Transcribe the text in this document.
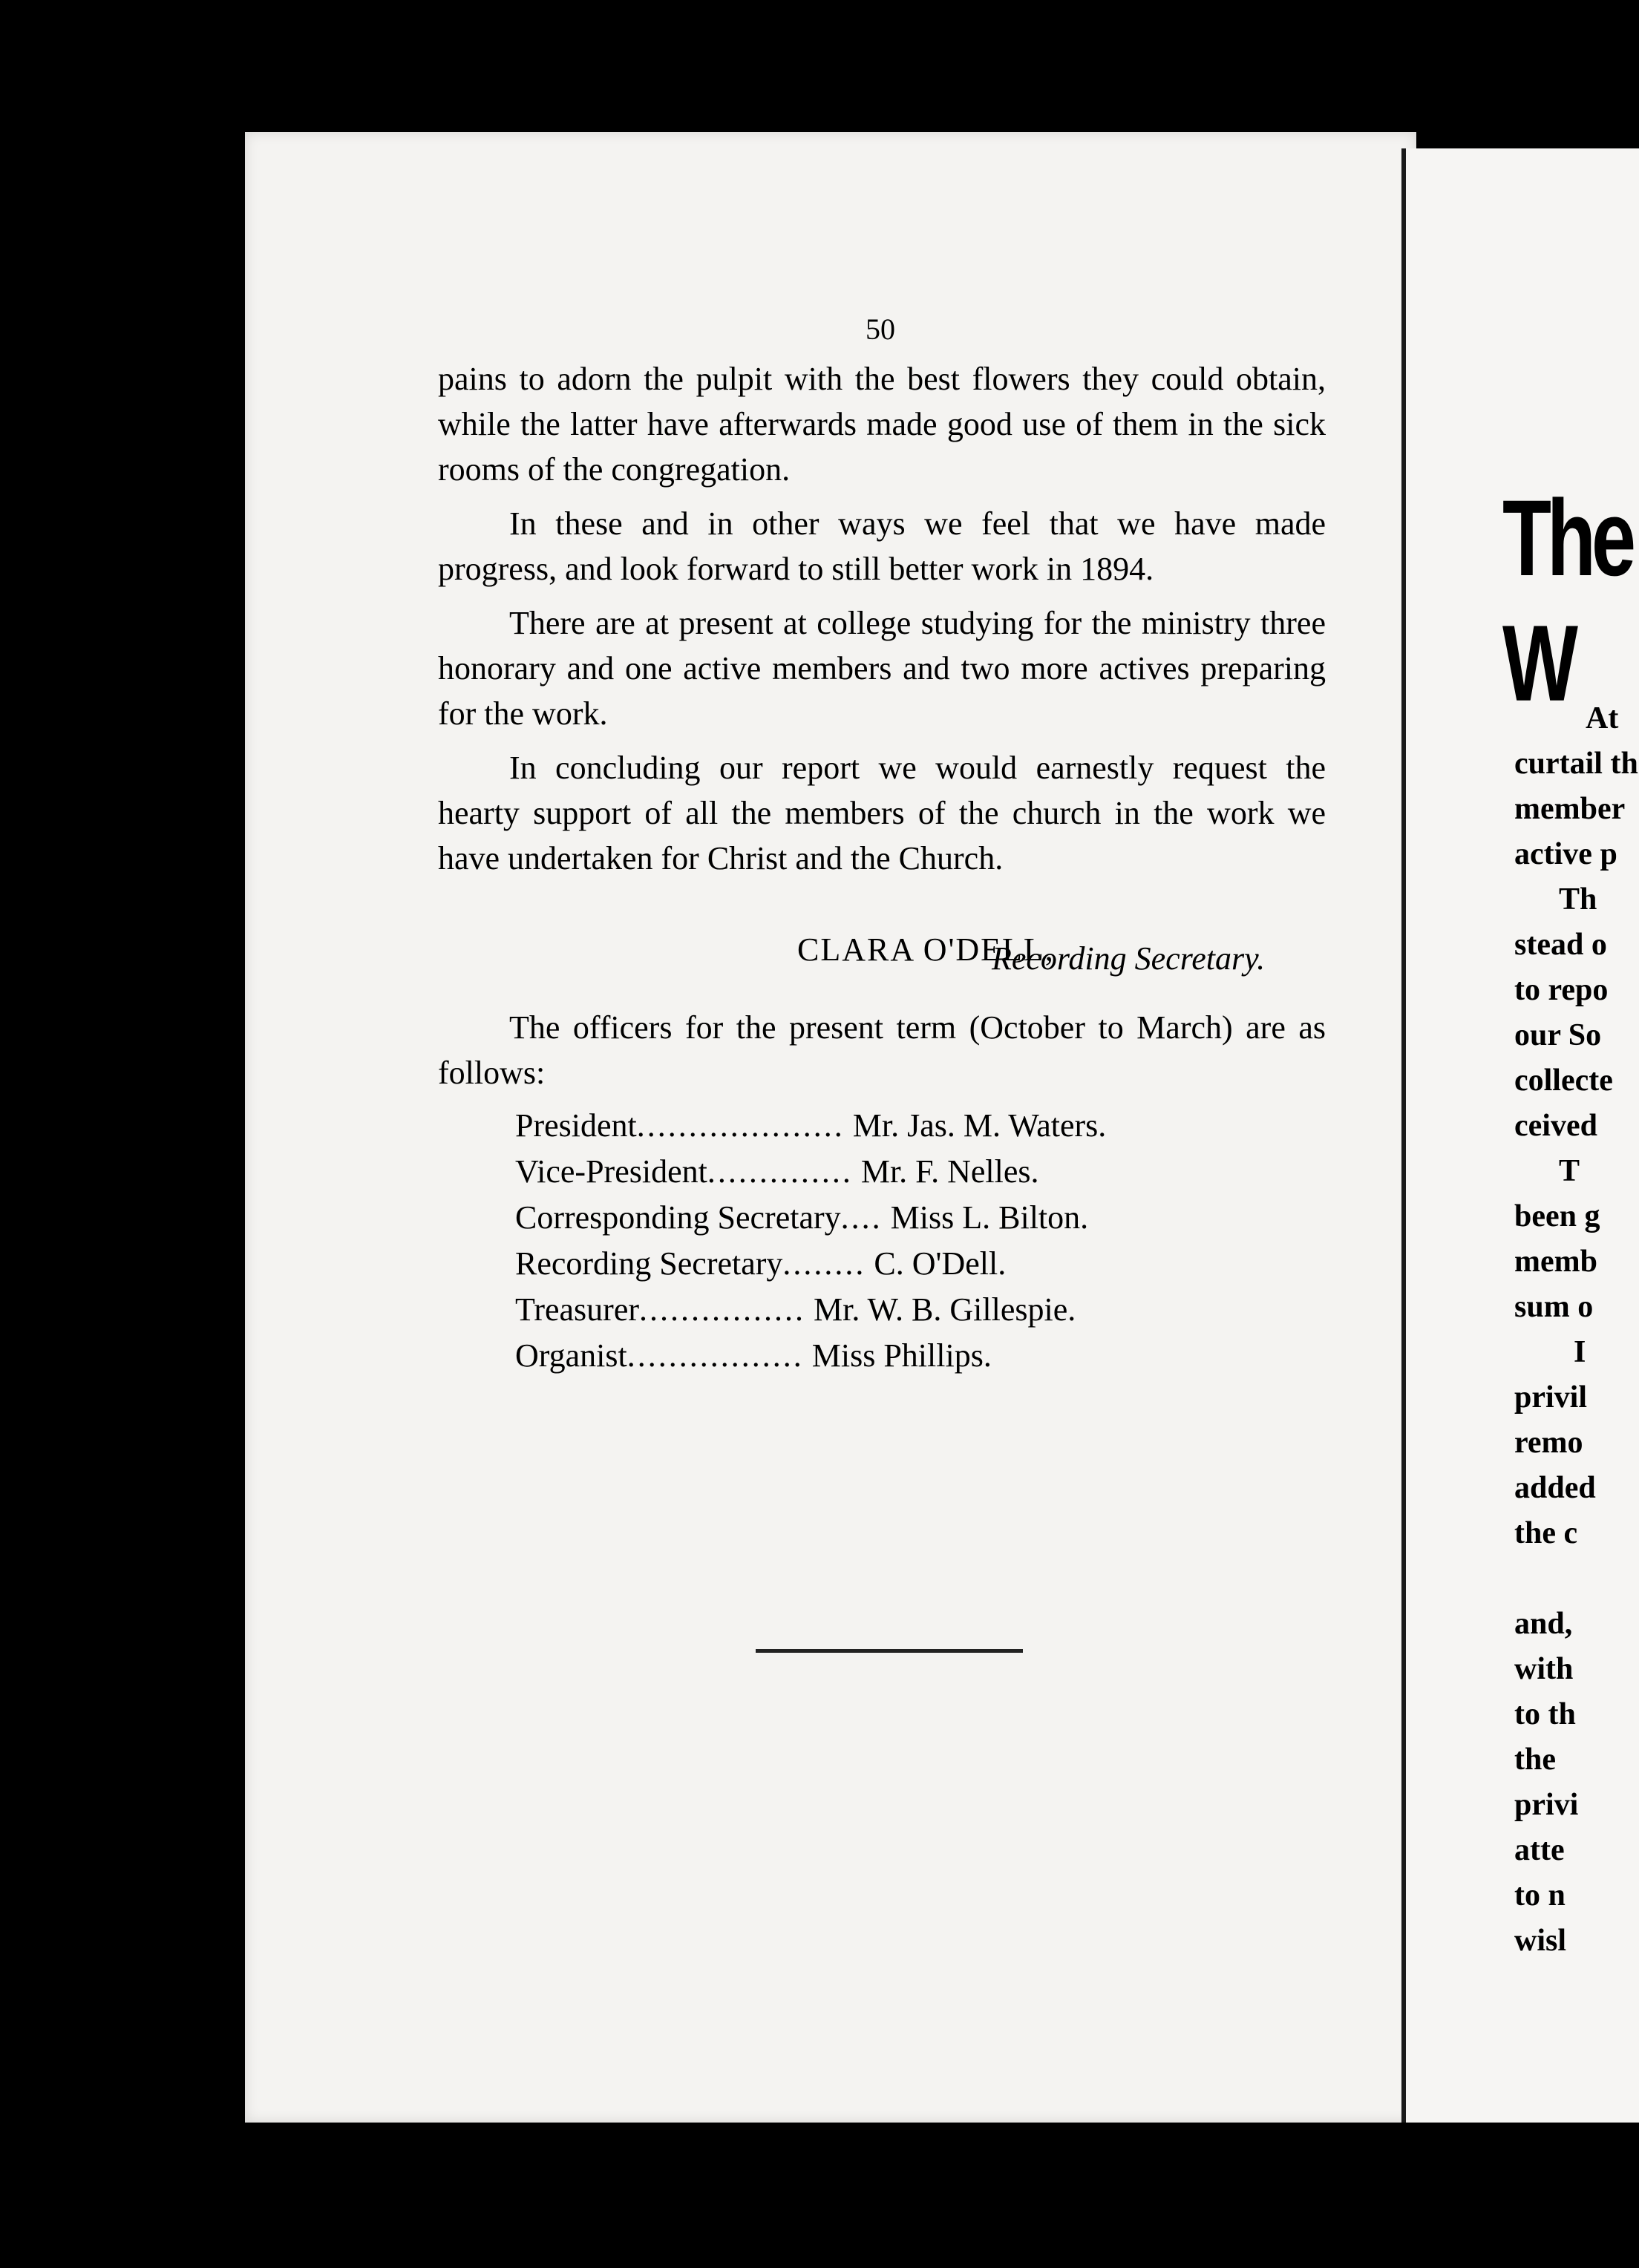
50

pains to adorn the pulpit with the best flowers they could obtain, while the latter have afterwards made good use of them in the sick rooms of the congregation.

In these and in other ways we feel that we have made progress, and look forward to still better work in 1894.

There are at present at college studying for the ministry three honorary and one active members and two more actives preparing for the work.

In concluding our report we would earnestly request the hearty support of all the members of the church in the work we have undertaken for Christ and the Church.

CLARA O'DELL,
Recording Secretary.
The officers for the present term (October to March) are as follows:
President.................... Mr. Jas. M. Waters.
Vice-President.............. Mr. F. Nelles.
Corresponding Secretary.... Miss L. Bilton.
Recording Secretary........ C. O'Dell.
Treasurer................ Mr. W. B. Gillespie.
Organist................. Miss Phillips.
The W At
curtail th
member
active p
Th
stead o
to repo
our So
collecte
ceived
T
been g
memb
sum o
I
privil
remo
added
the c
and,
with
to th
the
privi
atte
to n
wisl
